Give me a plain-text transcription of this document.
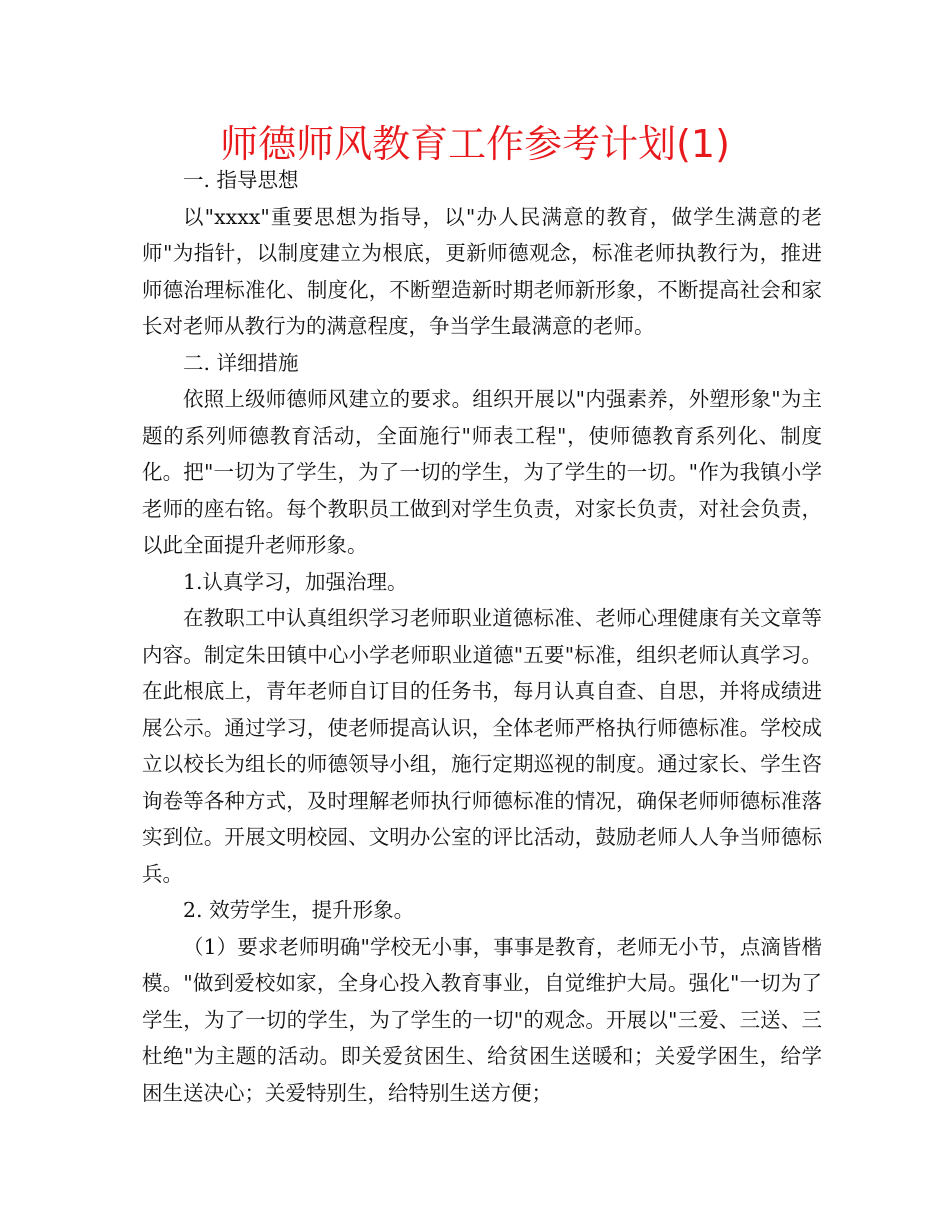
师德师风教育工作参考计划(1)

一. 指导思想

以"xxxx"重要思想为指导，以"办人民满意的教育，做学生满意的老师"为指针，以制度建立为根底，更新师德观念，标准老师执教行为，推进师德治理标准化、制度化，不断塑造新时期老师新形象，不断提高社会和家长对老师从教行为的满意程度，争当学生最满意的老师。

二. 详细措施

依照上级师德师风建立的要求。组织开展以"内强素养，外塑形象"为主题的系列师德教育活动，全面施行"师表工程"，使师德教育系列化、制度化。把"一切为了学生，为了一切的学生，为了学生的一切。"作为我镇小学老师的座右铭。每个教职员工做到对学生负责，对家长负责，对社会负责，以此全面提升老师形象。

1.认真学习，加强治理。

在教职工中认真组织学习老师职业道德标准、老师心理健康有关文章等内容。制定朱田镇中心小学老师职业道德"五要"标准，组织老师认真学习。在此根底上，青年老师自订目的任务书，每月认真自查、自思，并将成绩进展公示。通过学习，使老师提高认识，全体老师严格执行师德标准。学校成立以校长为组长的师德领导小组，施行定期巡视的制度。通过家长、学生咨询卷等各种方式，及时理解老师执行师德标准的情况，确保老师师德标准落实到位。开展文明校园、文明办公室的评比活动，鼓励老师人人争当师德标兵。

2. 效劳学生，提升形象。

（1）要求老师明确"学校无小事，事事是教育，老师无小节，点滴皆楷模。"做到爱校如家，全身心投入教育事业，自觉维护大局。强化"一切为了学生，为了一切的学生，为了学生的一切"的观念。开展以"三爱、三送、三杜绝"为主题的活动。即关爱贫困生、给贫困生送暖和；关爱学困生，给学困生送决心；关爱特别生，给特别生送方便；
